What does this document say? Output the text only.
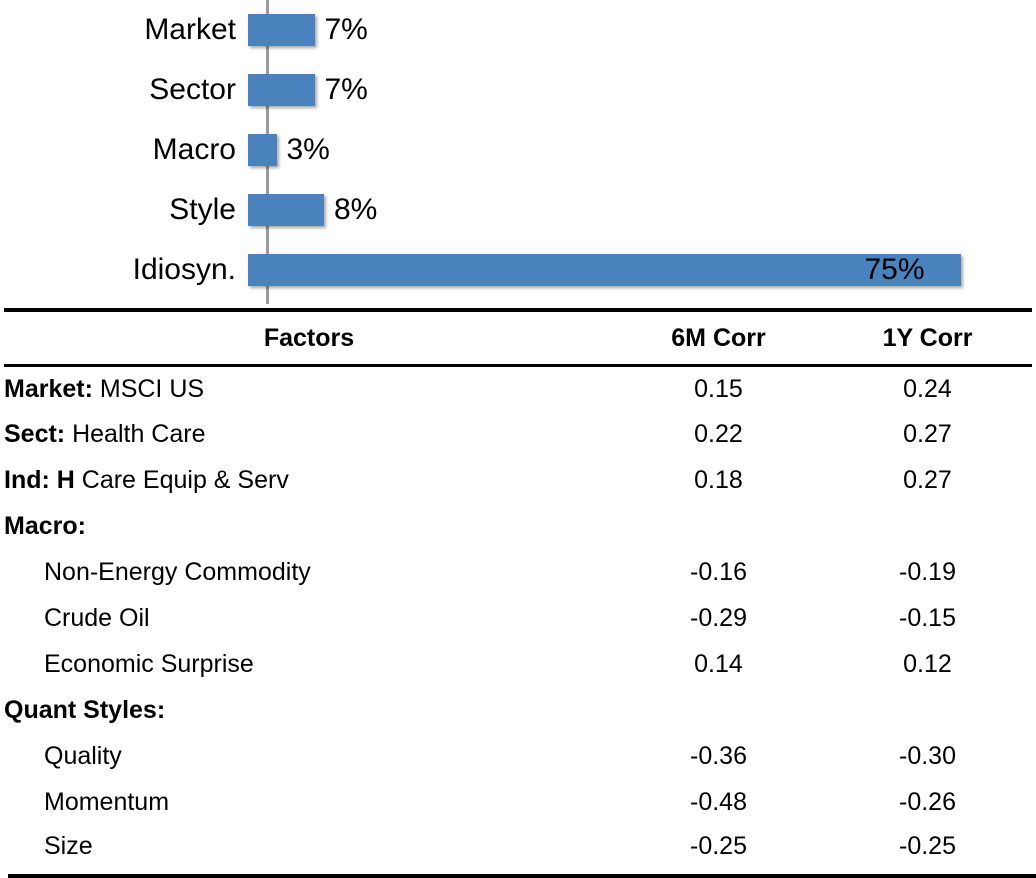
Market	7%
Sector	7%
Macro	3%
Style	8%
Idiosyn.	75%
Factors	6M Corr	1Y Corr
Market: MSCI US	0.15	0.24
Sect: Health Care	0.22	0.27
Ind: H Care Equip & Serv	0.18	0.27
Macro:		
Non-Energy Commodity	-0.16	-0.19
Crude Oil	-0.29	-0.15
Economic Surprise	0.14	0.12
Quant Styles:		
Quality	-0.36	-0.30
Momentum	-0.48	-0.26
Size	-0.25	-0.25
